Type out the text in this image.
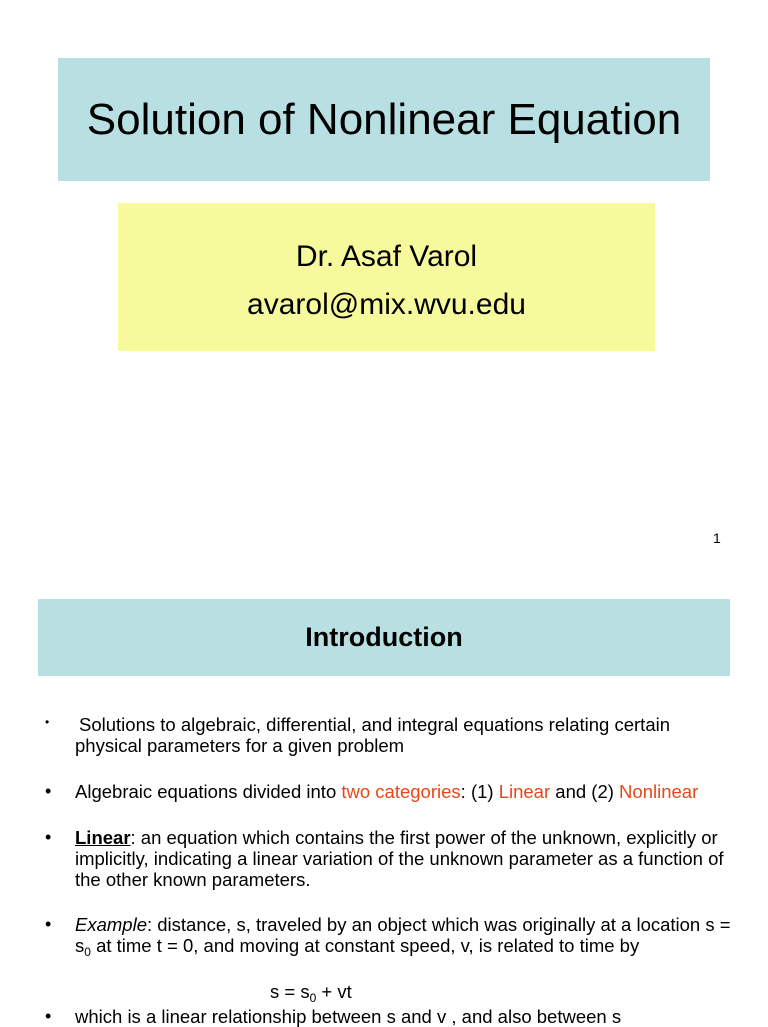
Solution of Nonlinear Equation
Dr. Asaf Varol
avarol@mix.wvu.edu
1
Introduction
• Solutions to algebraic, differential, and integral equations relating certain physical parameters for a given problem
• Algebraic equations divided into two categories: (1) Linear and (2) Nonlinear
• Linear: an equation which contains the first power of the unknown, explicitly or implicitly, indicating a linear variation of the unknown parameter as a function of the other known parameters.
• Example: distance, s, traveled by an object which was originally at a location $s = s_0$ at time t = 0, and moving at constant speed, v, is related to time by
$s = s_0$ + vt
• which is a linear relationship between s and v , and also between s
